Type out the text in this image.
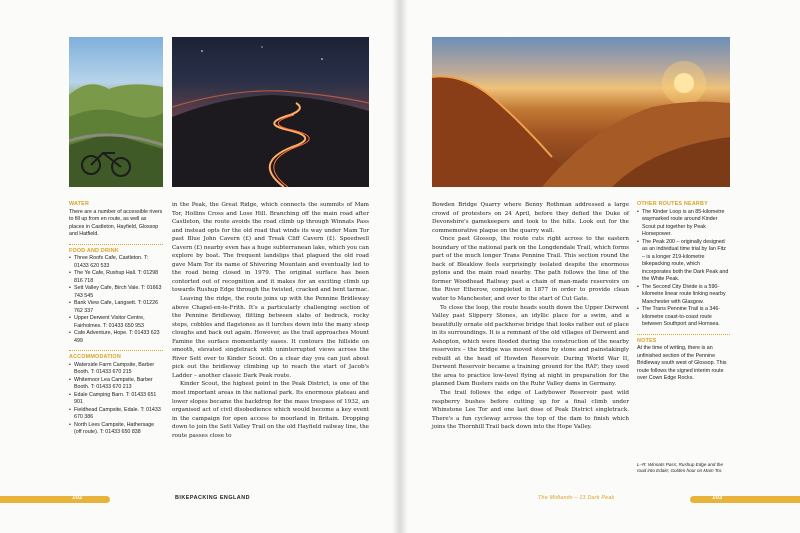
WATER
There are a number of accessible rivers to fill up from en route, as well as places in Castleton, Hayfield, Glossop and Hatfield.
FOOD AND DRINK
• Three Roofs Cafe, Castleton. T: 01433 620 533
• The Ye Cafe, Rushup Hall. T: 01298 816 718
• Sett Valley Cafe, Birch Vale. T: 01663 743 545
• Bank View Cafe, Langsett. T: 01226 762 337
• Upper Derwent Visitor Centre, Fairholmes. T: 01433 650 953
• Cafe Adventure, Hope. T: 01433 623 499
ACCOMMODATION
• Waterside Farm Campsite, Barber Booth. T: 01433 670 215
• Whitemoor Lea Campsite, Barber Booth. T: 01433 670 213
• Edale Camping Barn. T: 01433 651 901
• Fieldhead Campsite, Edale. T: 01433 670 386
• North Lees Campsite, Hathersage (off route). T: 01433 650 838

in the Peak, the Great Ridge, which connects the summits of Mam Tor, Hollins Cross and Lose Hill. Branching off the main road after Castleton, the route avoids the road climb up through Winnats Pass and instead opts for the old road that winds its way under Mam Tor past Blue John Cavern (£) and Treak Cliff Cavern (£). Speedwell Cavern (£) nearby even has a huge subterranean lake, which you can explore by boat. The frequent landslips that plagued the old road gave Mam Tor its name of Shivering Mountain and eventually led to the road being closed in 1979. The original surface has been contorted out of recognition and it makes for an exciting climb up towards Rushup Edge through the twisted, cracked and bent tarmac.

Leaving the ridge, the route joins up with the Pennine Bridleway above Chapel-en-le-Frith. It's a particularly challenging section of the Pennine Bridleway, flitting between slabs of bedrock, rocky steps, cobbles and flagstones as it lurches down into the many steep cloughs and back out again. However, as the trail approaches Mount Famine the surface momentarily eases. It contours the hillside on smooth, elevated singletrack with uninterrupted views across the River Sett over to Kinder Scout. On a clear day you can just about pick out the bridleway climbing up to reach the start of Jacob's Ladder – another classic Dark Peak route.

Kinder Scout, the highest point in the Peak District, is one of the most important areas in the national park. Its enormous plateau and lower slopes became the backdrop for the mass trespass of 1932, an organised act of civil disobedience which would become a key event in the campaign for open access to moorland in Britain. Dropping down to join the Sett Valley Trail on the old Hayfield railway line, the route passes close to

102	BIKEPACKING ENGLAND

Bowden Bridge Quarry where Benny Rothman addressed a large crowd of protesters on 24 April, before they defied the Duke of Devonshire's gamekeepers and took to the hills. Look out for the commemorative plaque on the quarry wall.

Once past Glossop, the route cuts right across to the eastern boundary of the national park on the Longdendale Trail, which forms part of the much longer Trans Pennine Trail. This section round the back of Bleaklow feels surprisingly isolated despite the enormous pylons and the main road nearby. The path follows the line of the former Woodhead Railway past a chain of man-made reservoirs on the River Etherow, completed in 1877 in order to provide clean water to Manchester, and over to the start of Cut Gate.

To close the loop, the route heads south down the Upper Derwent Valley past Slippery Stones, an idyllic place for a swim, and a beautifully ornate old packhorse bridge that looks rather out of place in its surroundings. It is a remnant of the old villages of Derwent and Ashopton, which were flooded during the construction of the nearby reservoirs – the bridge was moved stone by stone and painstakingly rebuilt at the head of Howden Reservoir. During World War II, Derwent Reservoir became a training ground for the RAF; they used the area to practice low-level flying at night in preparation for the planned Dam Busters raids on the Ruhr Valley dams in Germany.

The trail follows the edge of Ladybower Reservoir past wild raspberry bushes before cutting up for a final climb under Whinstone Lee Tor and one last dose of Peak District singletrack. There's a fun cycleway across the top of the dam to finish which joins the Thornhill Trail back down into the Hope Valley.

OTHER ROUTES NEARBY
• The Kinder Loop is an 85-kilometre waymarked route around Kinder Scout put together by Peak Horsepower.
• The Peak 200 – originally designed as an individual time trial by Ian Fitz – is a longer 219-kilometre bikepacking route, which incorporates both the Dark Peak and the White Peak.
• The Second City Divide is a 590-kilometre linear route linking nearby Manchester with Glasgow.
• The Trans Pennine Trail is a 346-kilometre coast-to-coast route between Southport and Hornsea.
NOTES
At the time of writing, there is an unfinished section of the Pennine Bridleway south west of Glossop. This route follows the signed interim route over Cown Edge Rocks.
L–R: Winnats Pass; Rushup Edge and the road into Edale; Golden hour on Mam Tor.
103
The Midlands – 13 Dark Peak
